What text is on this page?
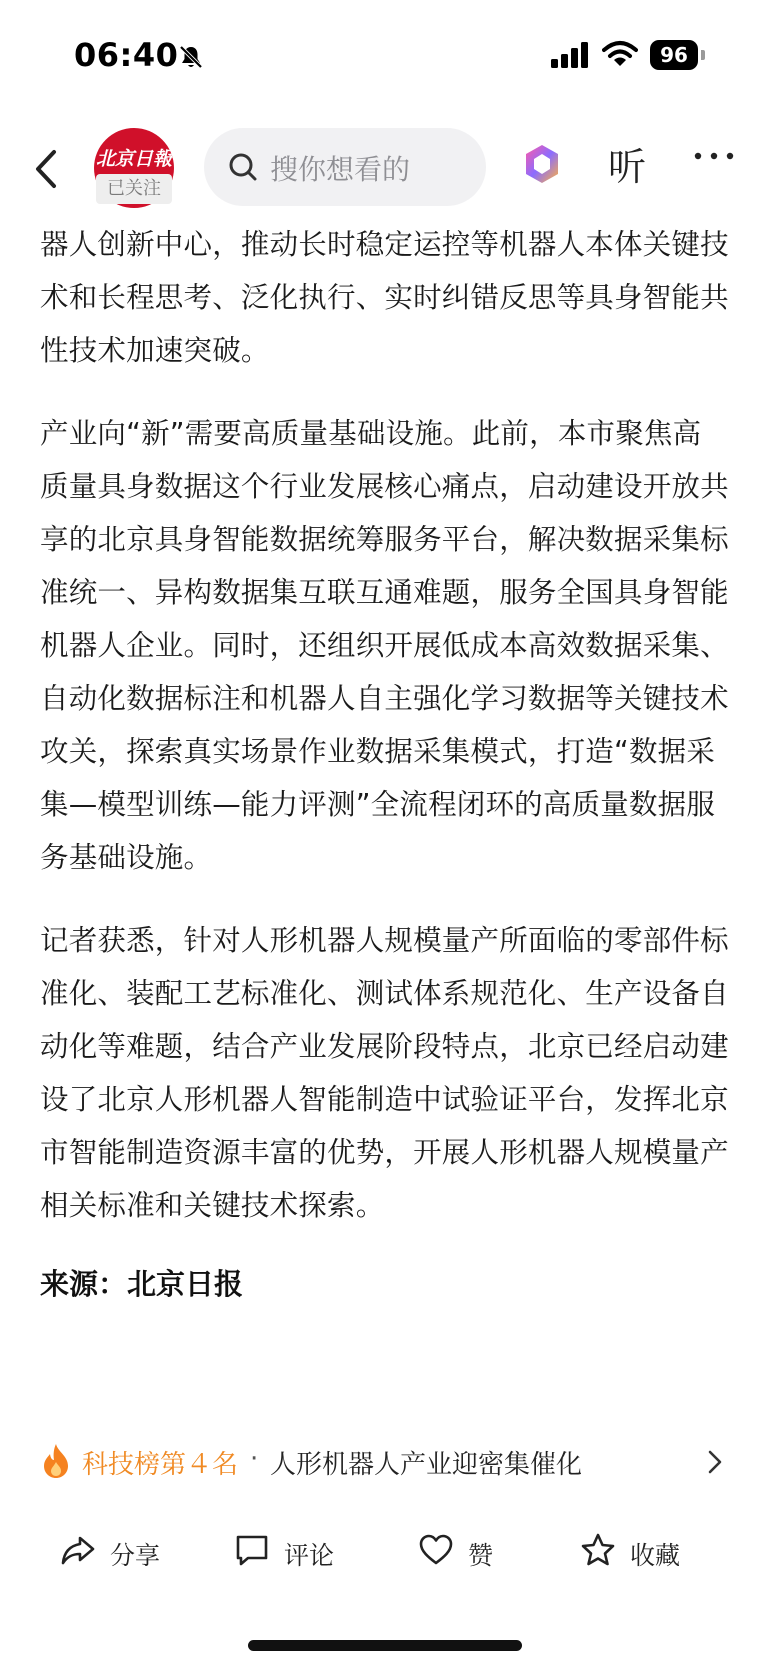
06:40	96
北京日報
已关注
搜你想看的	听

器人创新中心，推动长时稳定运控等机器人本体关键技术和长程思考、泛化执行、实时纠错反思等具身智能共性技术加速突破。

产业向“新”需要高质量基础设施。此前，本市聚焦高质量具身数据这个行业发展核心痛点，启动建设开放共享的北京具身智能数据统筹服务平台，解决数据采集标准统一、异构数据集互联互通难题，服务全国具身智能机器人企业。同时，还组织开展低成本高效数据采集、自动化数据标注和机器人自主强化学习数据等关键技术攻关，探索真实场景作业数据采集模式，打造“数据采集—模型训练—能力评测”全流程闭环的高质量数据服务基础设施。

记者获悉，针对人形机器人规模量产所面临的零部件标准化、装配工艺标准化、测试体系规范化、生产设备自动化等难题，结合产业发展阶段特点，北京已经启动建设了北京人形机器人智能制造中试验证平台，发挥北京市智能制造资源丰富的优势，开展人形机器人规模量产相关标准和关键技术探索。

来源：北京日报
科技榜第４名 · 人形机器人产业迎密集催化
分享	评论	赞	收藏
